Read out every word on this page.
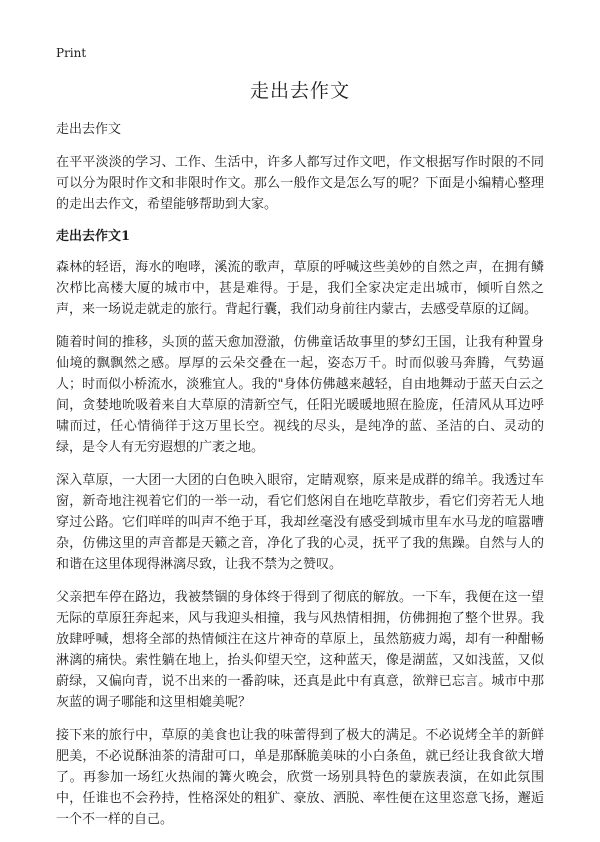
Print
走出去作文

走出去作文

在平平淡淡的学习、工作、生活中，许多人都写过作文吧，作文根据写作时限的不同可以分为限时作文和非限时作文。那么一般作文是怎么写的呢？下面是小编精心整理的走出去作文，希望能够帮助到大家。

走出去作文1

森林的轻语，海水的咆哮，溪流的歌声，草原的呼喊这些美妙的自然之声，在拥有鳞次栉比高楼大厦的城市中，甚是难得。于是，我们全家决定走出城市，倾听自然之声，来一场说走就走的旅行。背起行囊，我们动身前往内蒙古，去感受草原的辽阔。

随着时间的推移，头顶的蓝天愈加澄澈，仿佛童话故事里的梦幻王国，让我有种置身仙境的飘飘然之感。厚厚的云朵交叠在一起，姿态万千。时而似骏马奔腾，气势逼人；时而似小桥流水，淡雅宜人。我的"身体仿佛越来越轻，自由地舞动于蓝天白云之间，贪婪地吮吸着来自大草原的清新空气，任阳光暖暖地照在脸庞，任清风从耳边呼啸而过，任心情徜徉于这万里长空。视线的尽头，是纯净的蓝、圣洁的白、灵动的绿，是令人有无穷遐想的广袤之地。

深入草原，一大团一大团的白色映入眼帘，定睛观察，原来是成群的绵羊。我透过车窗，新奇地注视着它们的一举一动，看它们悠闲自在地吃草散步，看它们旁若无人地穿过公路。它们咩咩的叫声不绝于耳，我却丝毫没有感受到城市里车水马龙的喧嚣嘈杂，仿佛这里的声音都是天籁之音，净化了我的心灵，抚平了我的焦躁。自然与人的和谐在这里体现得淋漓尽致，让我不禁为之赞叹。

父亲把车停在路边，我被禁锢的身体终于得到了彻底的解放。一下车，我便在这一望无际的草原狂奔起来，风与我迎头相撞，我与风热情相拥，仿佛拥抱了整个世界。我放肆呼喊，想将全部的热情倾注在这片神奇的草原上，虽然筋疲力竭，却有一种酣畅淋漓的痛快。索性躺在地上，抬头仰望天空，这种蓝天，像是湖蓝，又如浅蓝，又似蔚绿，又偏向青，说不出来的一番韵味，还真是此中有真意，欲辩已忘言。城市中那灰蓝的调子哪能和这里相媲美呢？

接下来的旅行中，草原的美食也让我的味蕾得到了极大的满足。不必说烤全羊的新鲜肥美，不必说酥油茶的清甜可口，单是那酥脆美味的小白条鱼，就已经让我食欲大增了。再参加一场红火热闹的篝火晚会，欣赏一场别具特色的蒙族表演，在如此氛围中，任谁也不会矜持，性格深处的粗犷、豪放、洒脱、率性便在这里恣意飞扬，邂逅一个不一样的自己。
